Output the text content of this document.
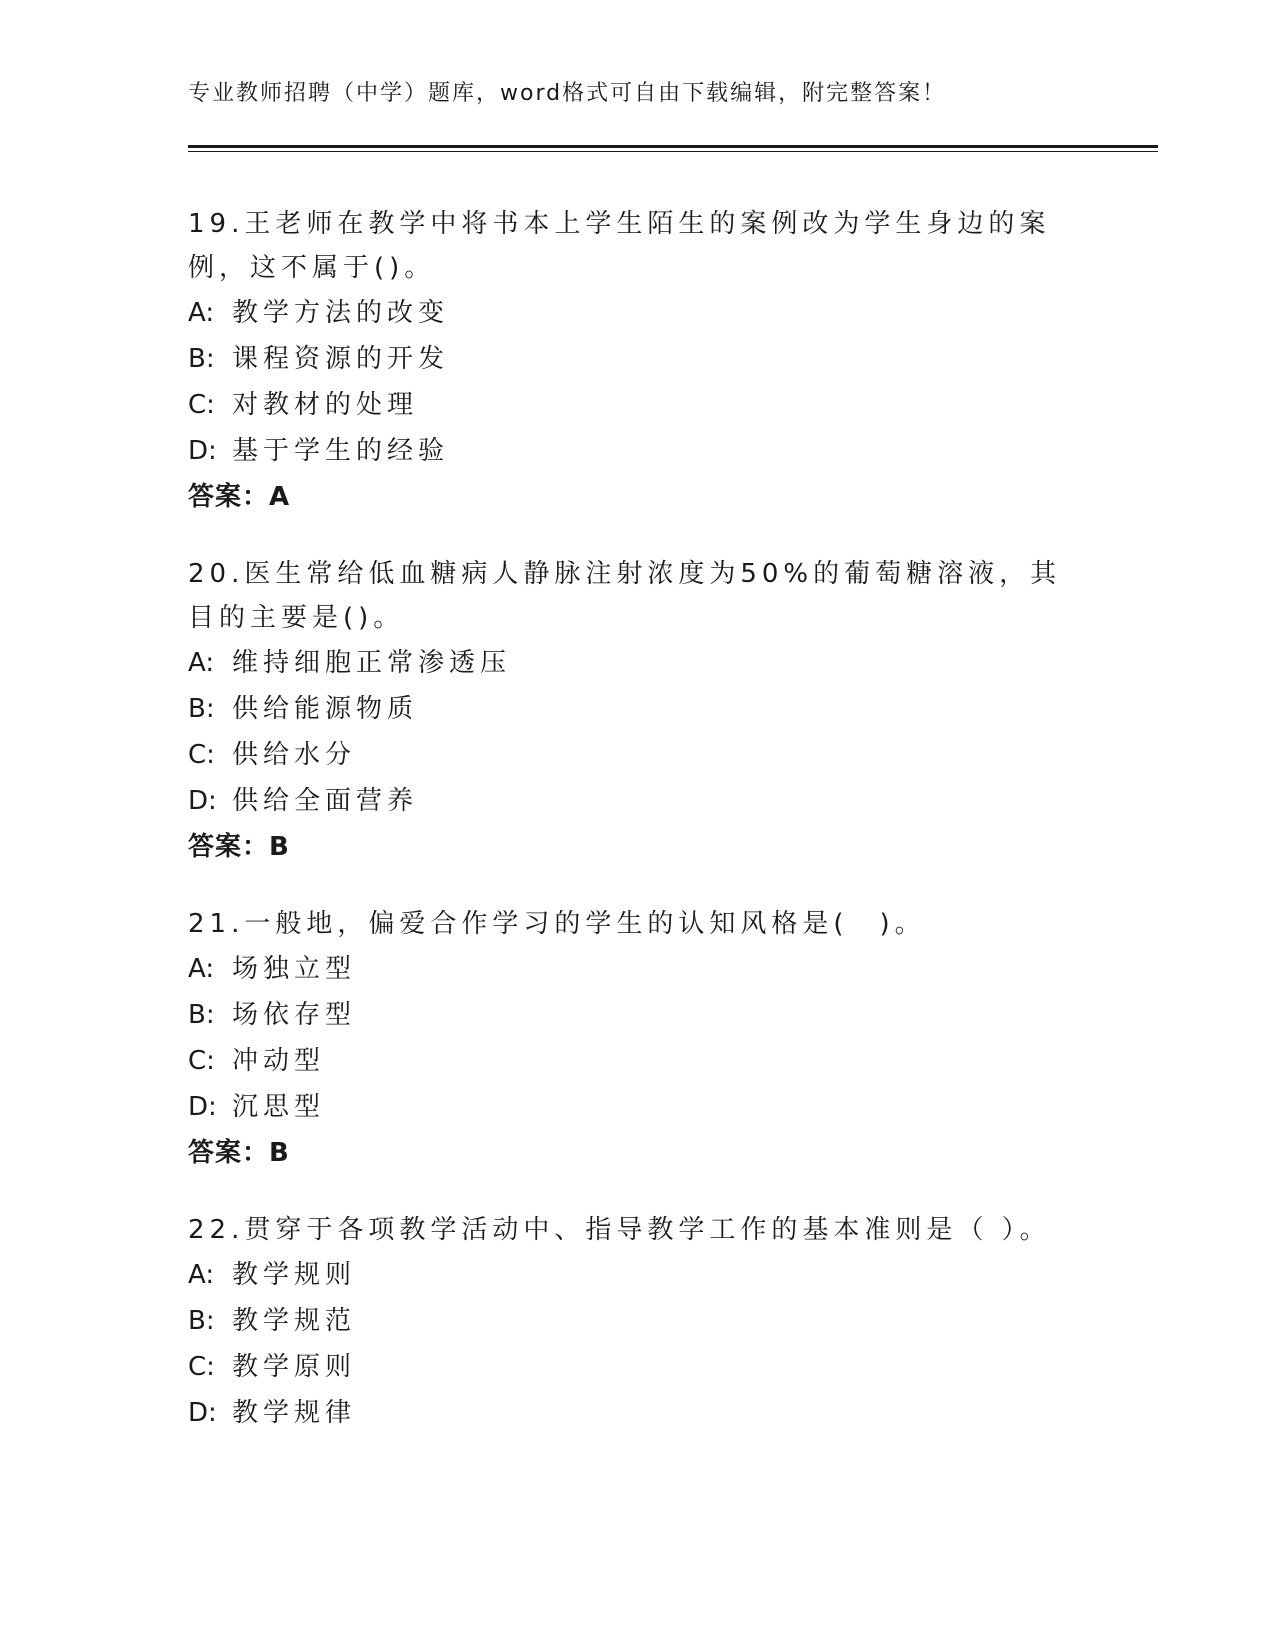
专业教师招聘（中学）题库，word格式可自由下载编辑，附完整答案！

19.王老师在教学中将书本上学生陌生的案例改为学生身边的案例，这不属于()。

A: 教学方法的改变

B: 课程资源的开发

C: 对教材的处理

D: 基于学生的经验

答案：A

20.医生常给低血糖病人静脉注射浓度为50%的葡萄糖溶液，其目的主要是()。

A: 维持细胞正常渗透压

B: 供给能源物质

C: 供给水分

D: 供给全面营养

答案：B

21.一般地，偏爱合作学习的学生的认知风格是(　)。

A: 场独立型

B: 场依存型

C: 冲动型

D: 沉思型

答案：B

22.贯穿于各项教学活动中、指导教学工作的基本准则是（ ）。

A: 教学规则

B: 教学规范

C: 教学原则

D: 教学规律
